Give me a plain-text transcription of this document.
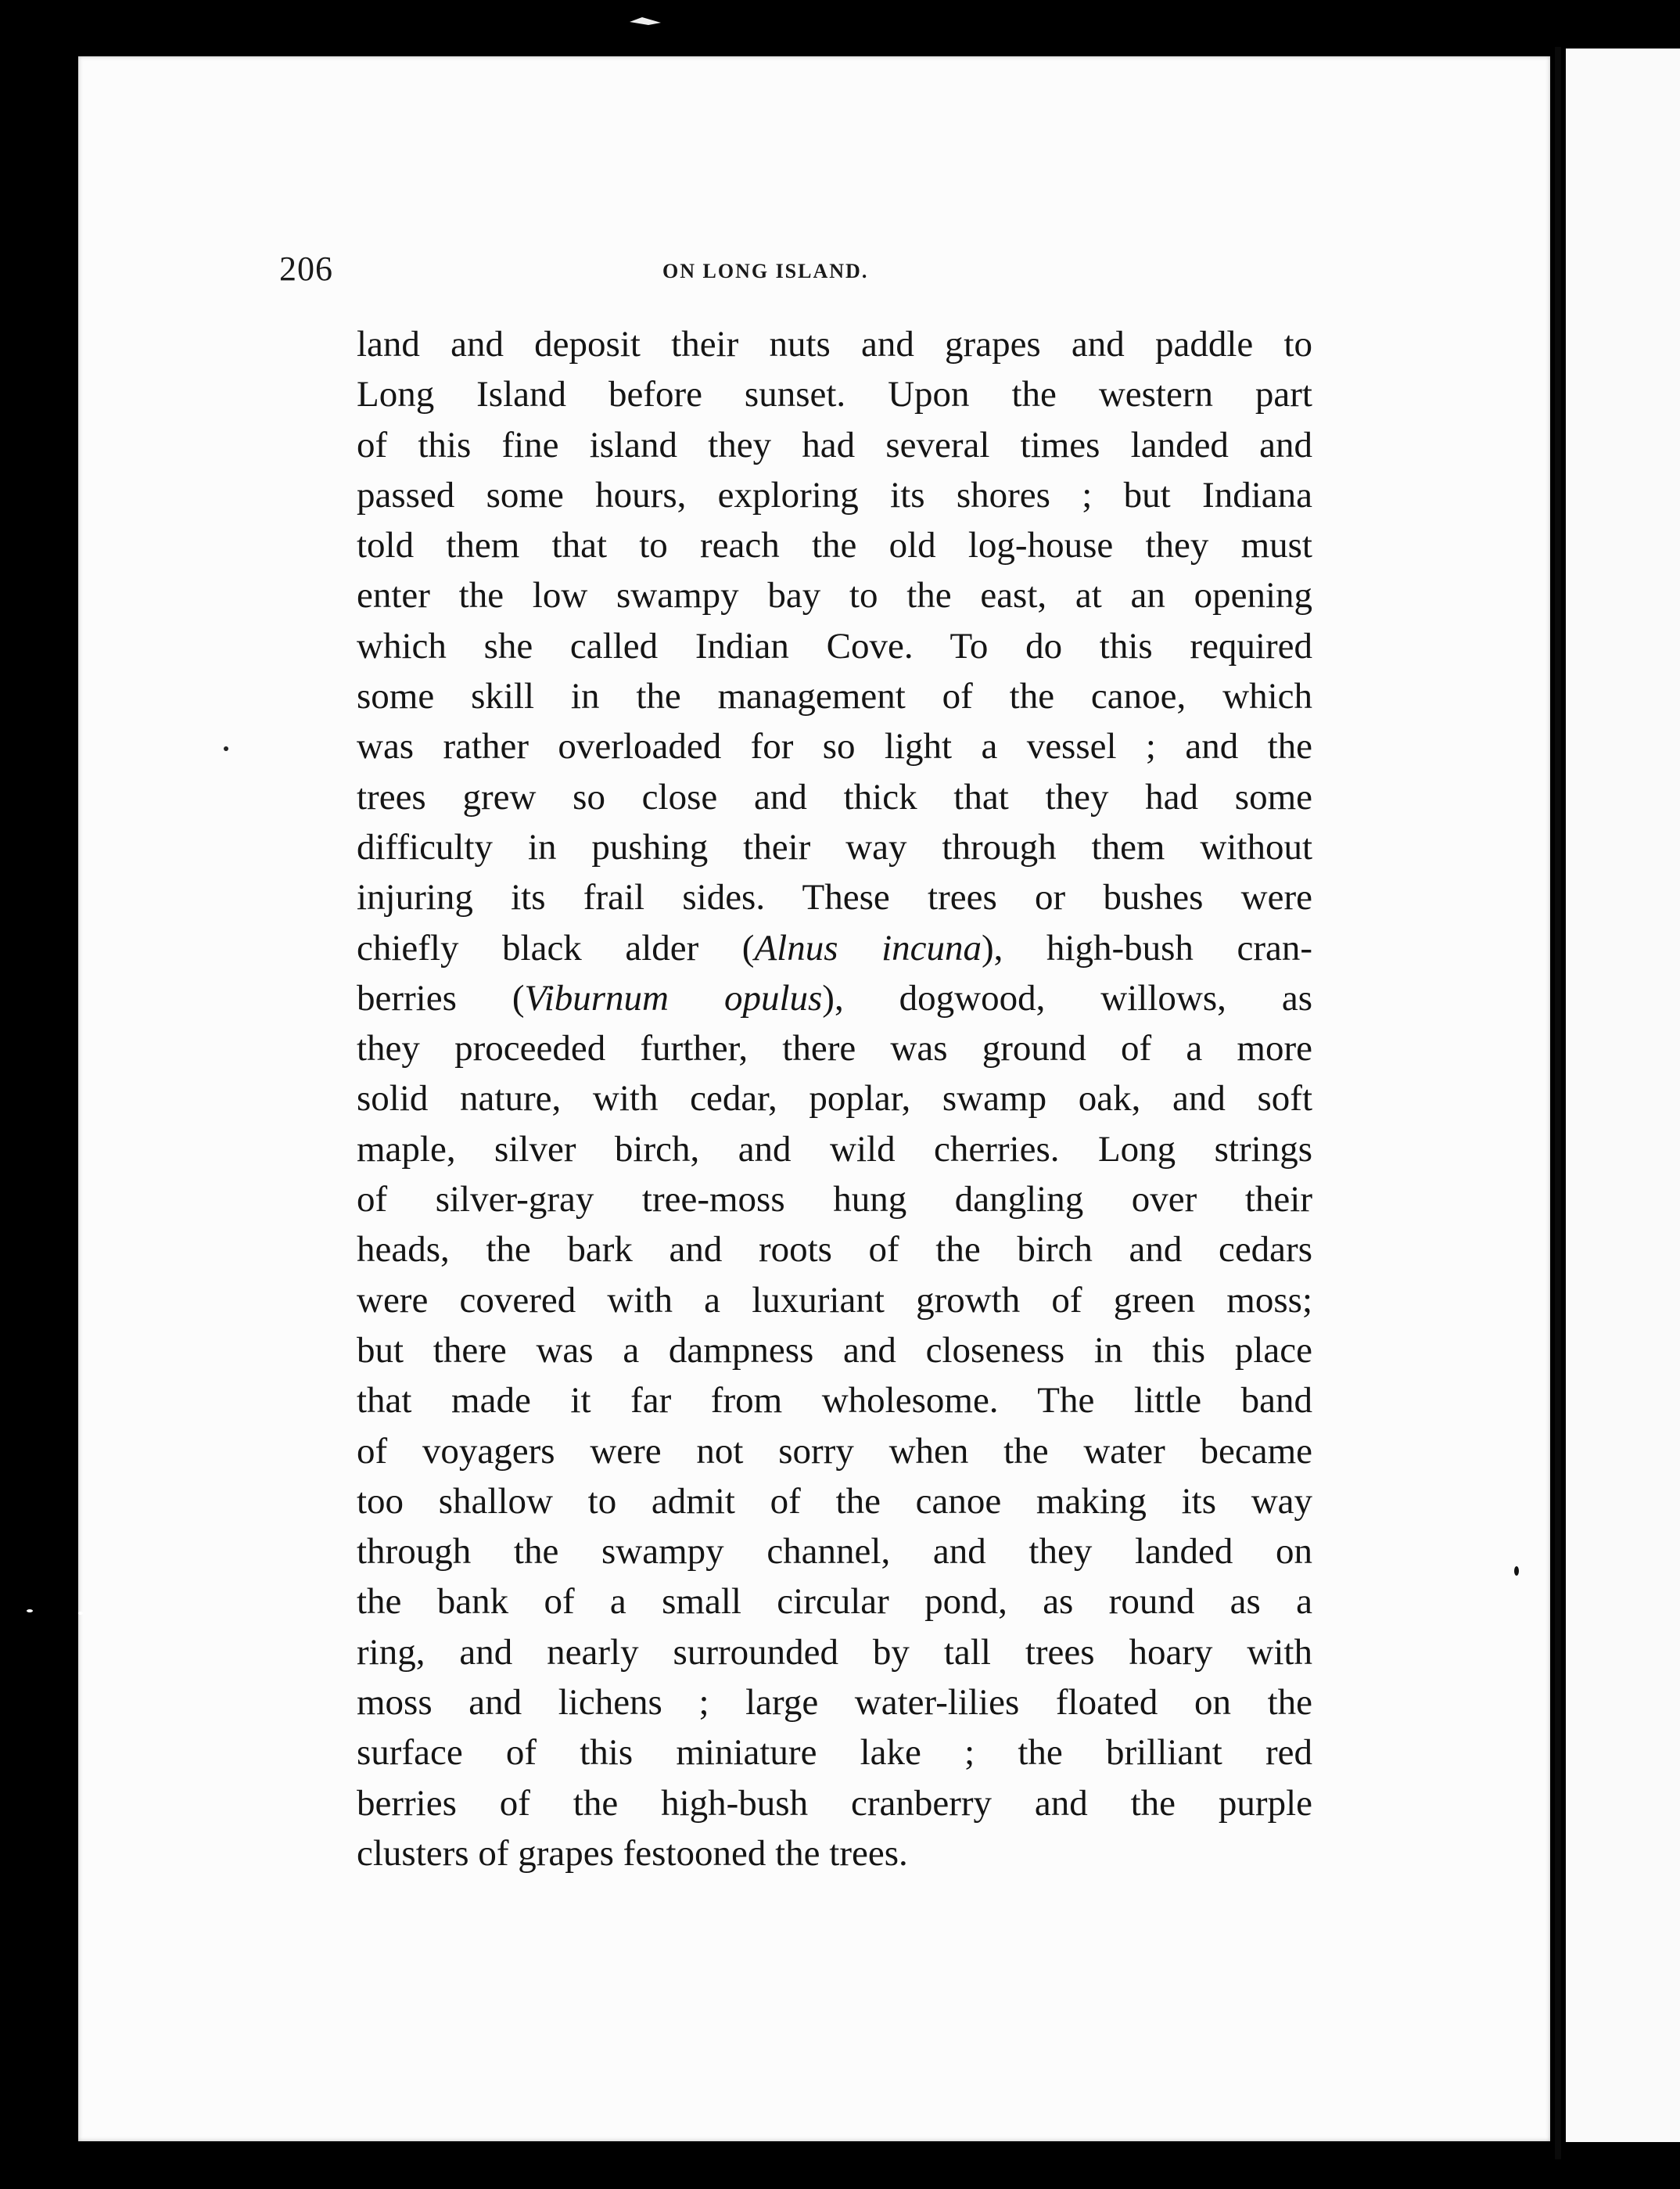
206	ON LONG ISLAND.
land and deposit their nuts and grapes and paddle to
Long Island before sunset. Upon the western part
of this fine island they had several times landed and
passed some hours, exploring its shores ; but Indiana
told them that to reach the old log-house they must
enter the low swampy bay to the east, at an opening
which she called Indian Cove. To do this required
some skill in the management of the canoe, which
was rather overloaded for so light a vessel ; and the
trees grew so close and thick that they had some
difficulty in pushing their way through them without
injuring its frail sides. These trees or bushes were
chiefly black alder (Alnus incuna), high-bush cran-
berries (Viburnum opulus), dogwood, willows, as
they proceeded further, there was ground of a more
solid nature, with cedar, poplar, swamp oak, and soft
maple, silver birch, and wild cherries. Long strings
of silver-gray tree-moss hung dangling over their
heads, the bark and roots of the birch and cedars
were covered with a luxuriant growth of green moss;
but there was a dampness and closeness in this place
that made it far from wholesome. The little band
of voyagers were not sorry when the water became
too shallow to admit of the canoe making its way
through the swampy channel, and they landed on
the bank of a small circular pond, as round as a
ring, and nearly surrounded by tall trees hoary with
moss and lichens ; large water-lilies floated on the
surface of this miniature lake ; the brilliant red
berries of the high-bush cranberry and the purple
clusters of grapes festooned the trees.
